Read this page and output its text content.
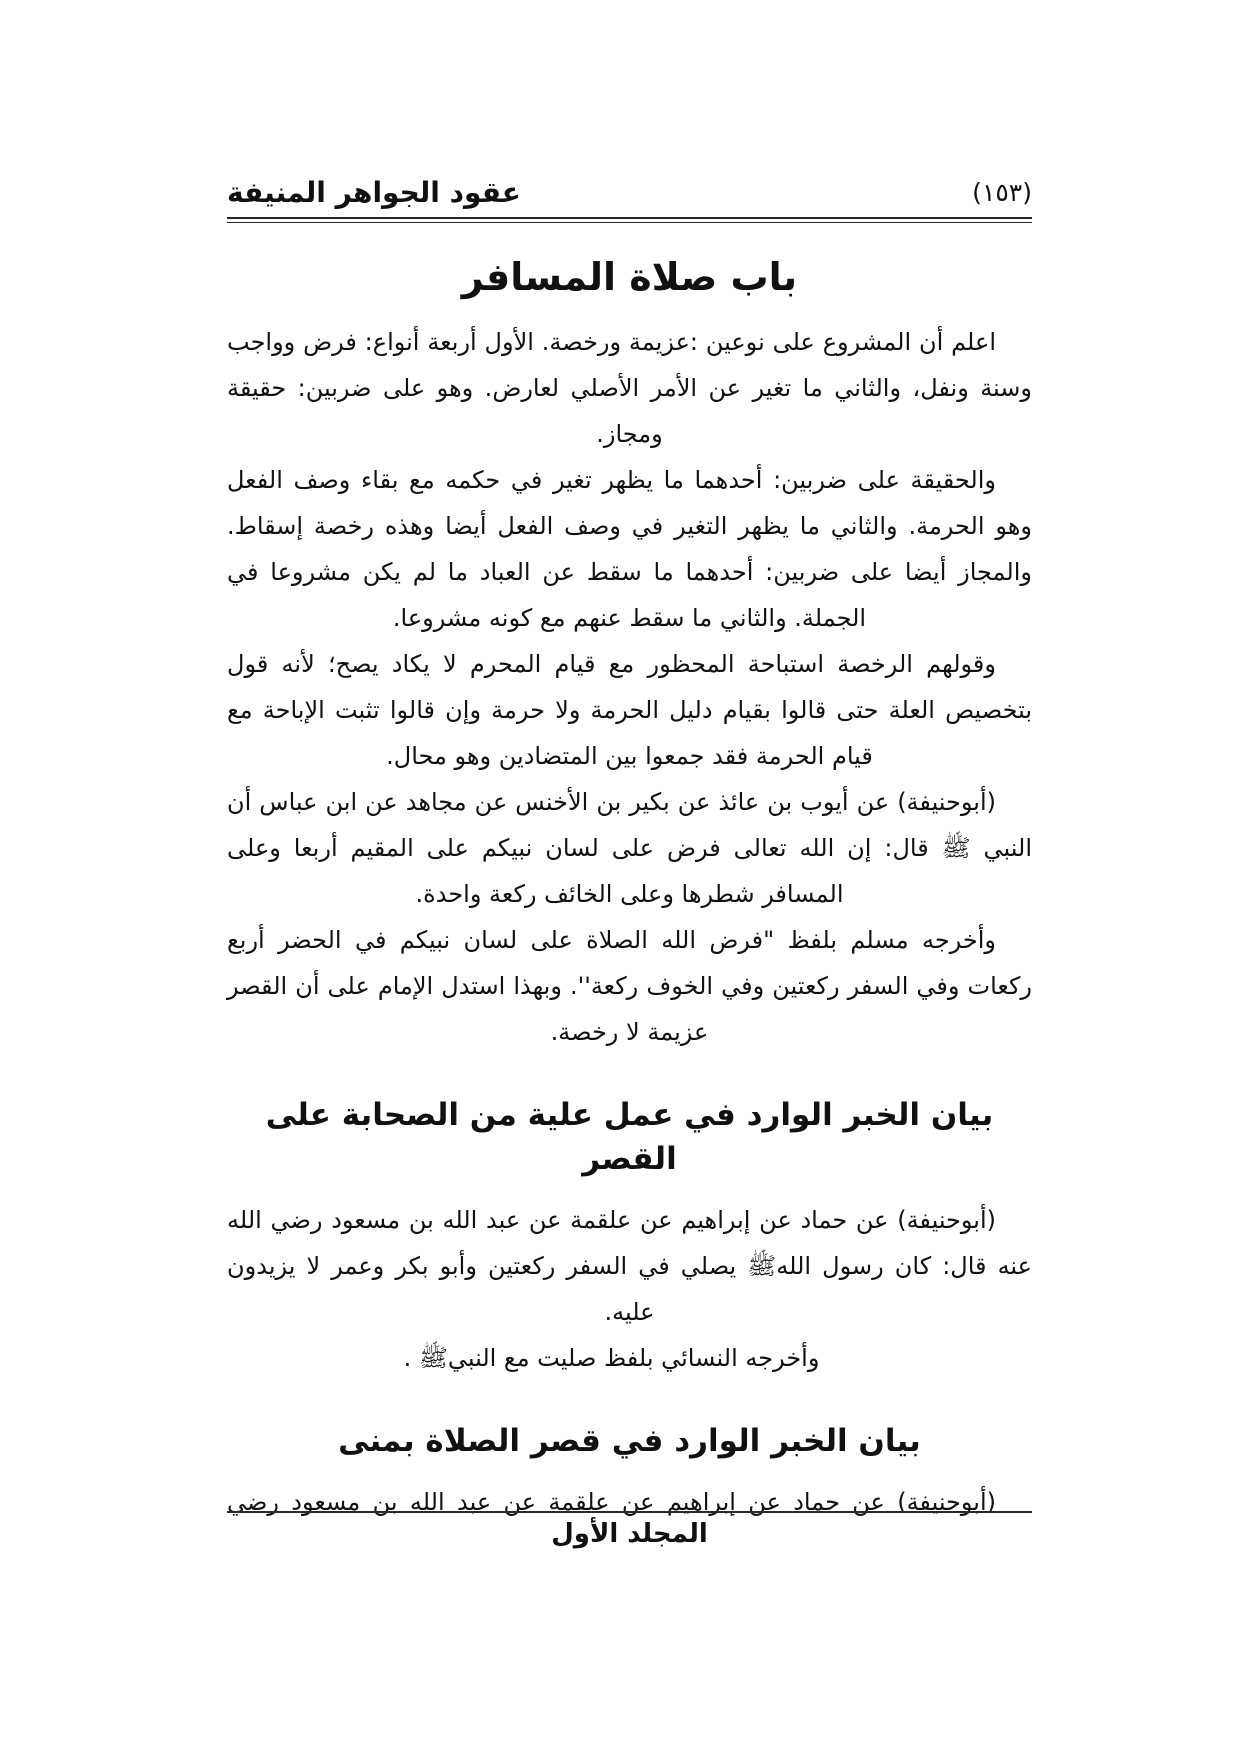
عقود الجواهر المنيفة	(١٥٣)
باب صلاة المسافر

اعلم أن المشروع على نوعين :عزيمة ورخصة. الأول أربعة أنواع: فرض وواجب وسنة ونفل، والثاني ما تغير عن الأمر الأصلي لعارض. وهو على ضربين: حقيقة ومجاز.

والحقيقة على ضربين: أحدهما ما يظهر تغير في حكمه مع بقاء وصف الفعل وهو الحرمة. والثاني ما يظهر التغير في وصف الفعل أيضا وهذه رخصة إسقاط. والمجاز أيضا على ضربين: أحدهما ما سقط عن العباد ما لم يكن مشروعا في الجملة. والثاني ما سقط عنهم مع كونه مشروعا.

وقولهم الرخصة استباحة المحظور مع قيام المحرم لا يكاد يصح؛ لأنه قول بتخصيص العلة حتى قالوا بقيام دليل الحرمة ولا حرمة وإن قالوا تثبت الإباحة مع قيام الحرمة فقد جمعوا بين المتضادين وهو محال.

(أبوحنيفة) عن أيوب بن عائذ عن بكير بن الأخنس عن مجاهد عن ابن عباس أن النبي ﷺ قال: إن الله تعالى فرض على لسان نبيكم على المقيم أربعا وعلى المسافر شطرها وعلى الخائف ركعة واحدة.

وأخرجه مسلم بلفظ "فرض الله الصلاة على لسان نبيكم في الحضر أربع ركعات وفي السفر ركعتين وفي الخوف ركعة''. وبهذا استدل الإمام على أن القصر عزيمة لا رخصة.

بيان الخبر الوارد في عمل علية من الصحابة على القصر

(أبوحنيفة) عن حماد عن إبراهيم عن علقمة عن عبد الله بن مسعود رضي الله عنه قال: كان رسول اللهﷺ يصلي في السفر ركعتين وأبو بكر وعمر لا يزيدون عليه.

وأخرجه النسائي بلفظ صليت مع النبيﷺ .

بيان الخبر الوارد في قصر الصلاة بمنى

(أبوحنيفة) عن حماد عن إبراهيم عن علقمة عن عبد الله بن مسعود رضي

المجلد الأول
